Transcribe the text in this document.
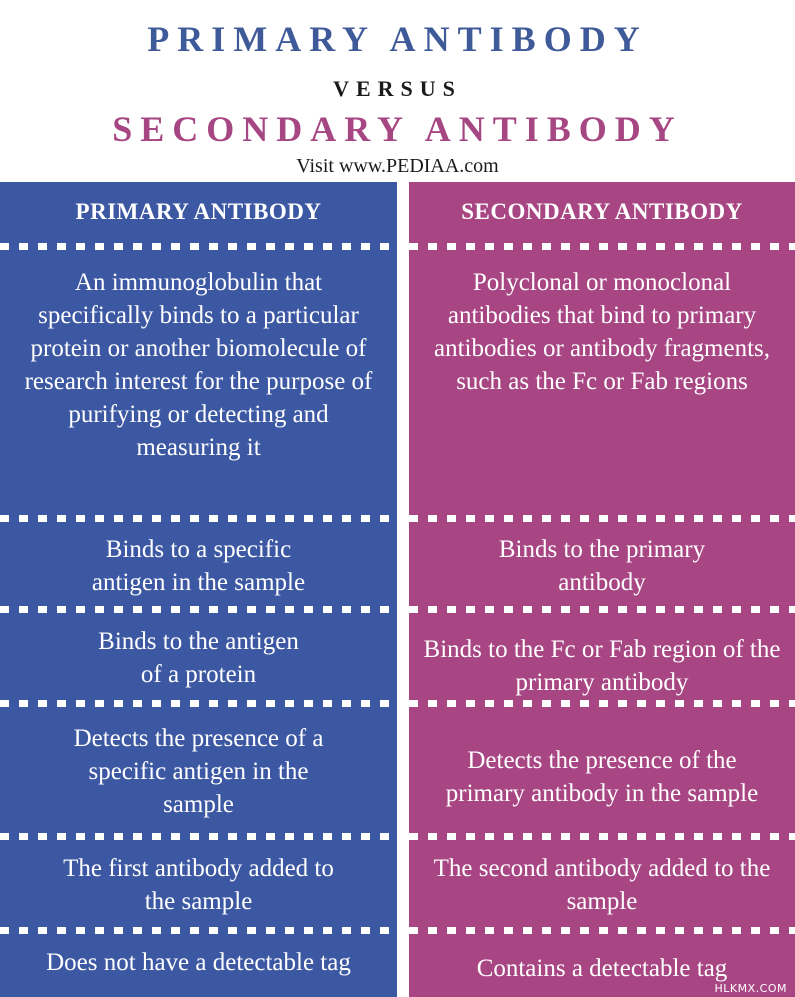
PRIMARY ANTIBODY
VERSUS
SECONDARY ANTIBODY
Visit www.PEDIAA.com
PRIMARY ANTIBODY
An immunoglobulin that specifically binds to a particular protein or another biomolecule of research interest for the purpose of purifying or detecting and measuring it
Binds to a specific antigen in the sample
Binds to the antigen of a protein
Detects the presence of a specific antigen in the sample
The first antibody added to the sample
Does not have a detectable tag
SECONDARY ANTIBODY
Polyclonal or monoclonal antibodies that bind to primary antibodies or antibody fragments, such as the Fc or Fab regions
Binds to the primary antibody
Binds to the Fc or Fab region of the primary antibody
Detects the presence of the primary antibody in the sample
The second antibody added to the sample
Contains a detectable tag
HLKMX.COM
